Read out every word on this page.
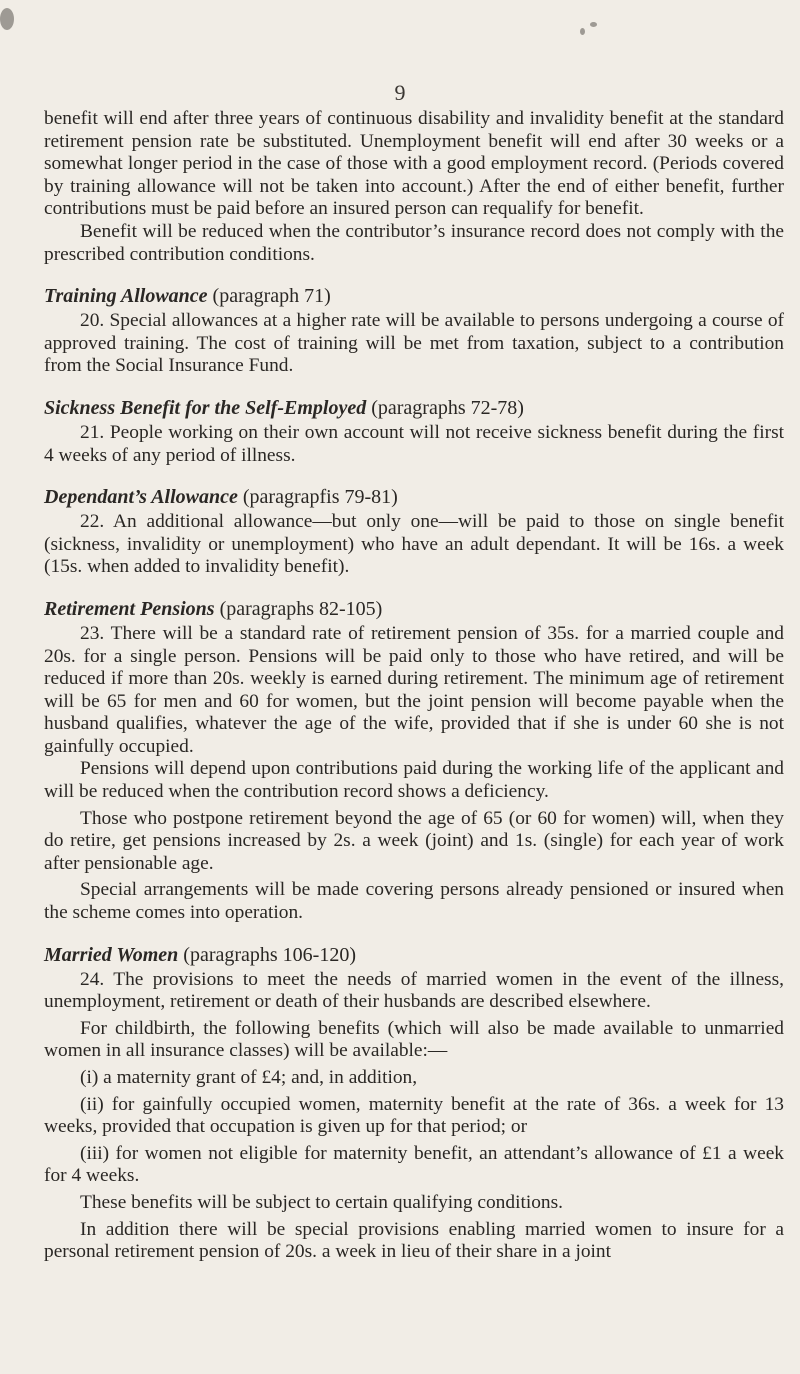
9

benefit will end after three years of continuous disability and invalidity benefit at the standard retirement pension rate be substituted. Unemployment benefit will end after 30 weeks or a somewhat longer period in the case of those with a good employment record. (Periods covered by training allowance will not be taken into account.) After the end of either benefit, further contributions must be paid before an insured person can requalify for benefit.

Benefit will be reduced when the contributor’s insurance record does not comply with the prescribed contribution conditions.

Training Allowance (paragraph 71)

20. Special allowances at a higher rate will be available to persons undergoing a course of approved training. The cost of training will be met from taxation, subject to a contribution from the Social Insurance Fund.

Sickness Benefit for the Self-Employed (paragraphs 72-78)

21. People working on their own account will not receive sickness benefit during the first 4 weeks of any period of illness.

Dependant’s Allowance (paragrapfis 79-81)

22. An additional allowance—but only one—will be paid to those on single benefit (sickness, invalidity or unemployment) who have an adult dependant. It will be 16s. a week (15s. when added to invalidity benefit).

Retirement Pensions (paragraphs 82-105)

23. There will be a standard rate of retirement pension of 35s. for a married couple and 20s. for a single person. Pensions will be paid only to those who have retired, and will be reduced if more than 20s. weekly is earned during retirement. The minimum age of retirement will be 65 for men and 60 for women, but the joint pension will become payable when the husband qualifies, whatever the age of the wife, provided that if she is under 60 she is not gainfully occupied.

Pensions will depend upon contributions paid during the working life of the applicant and will be reduced when the contribution record shows a deficiency.

Those who postpone retirement beyond the age of 65 (or 60 for women) will, when they do retire, get pensions increased by 2s. a week (joint) and 1s. (single) for each year of work after pensionable age.

Special arrangements will be made covering persons already pensioned or insured when the scheme comes into operation.

Married Women (paragraphs 106-120)

24. The provisions to meet the needs of married women in the event of the illness, unemployment, retirement or death of their husbands are described elsewhere.

For childbirth, the following benefits (which will also be made available to unmarried women in all insurance classes) will be available:—

(i) a maternity grant of £4; and, in addition,
(ii) for gainfully occupied women, maternity benefit at the rate of 36s. a week for 13 weeks, provided that occupation is given up for that period; or
(iii) for women not eligible for maternity benefit, an attendant’s allowance of £1 a week for 4 weeks.

These benefits will be subject to certain qualifying conditions.

In addition there will be special provisions enabling married women to insure for a personal retirement pension of 20s. a week in lieu of their share in a joint
